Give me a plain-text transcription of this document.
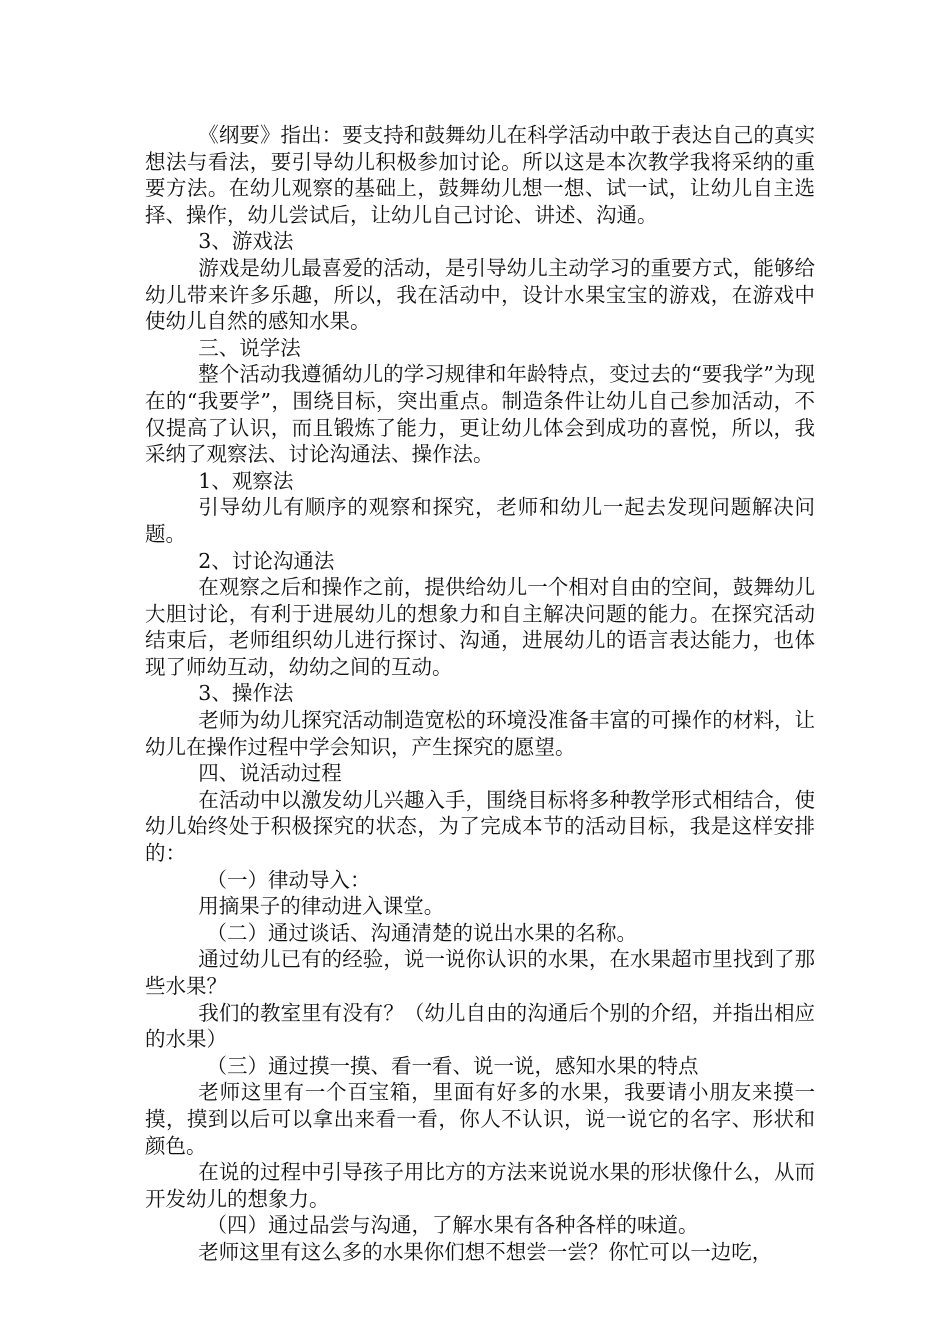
《纲要》指出：要支持和鼓舞幼儿在科学活动中敢于表达自己的真实想法与看法，要引导幼儿积极参加讨论。所以这是本次教学我将采纳的重要方法。在幼儿观察的基础上，鼓舞幼儿想一想、试一试，让幼儿自主选择、操作，幼儿尝试后，让幼儿自己讨论、讲述、沟通。

3、游戏法

游戏是幼儿最喜爱的活动，是引导幼儿主动学习的重要方式，能够给幼儿带来许多乐趣，所以，我在活动中，设计水果宝宝的游戏，在游戏中使幼儿自然的感知水果。

三、说学法

整个活动我遵循幼儿的学习规律和年龄特点，变过去的“要我学”为现在的“我要学”，围绕目标，突出重点。制造条件让幼儿自己参加活动，不仅提高了认识，而且锻炼了能力，更让幼儿体会到成功的喜悦，所以，我采纳了观察法、讨论沟通法、操作法。

1、观察法

引导幼儿有顺序的观察和探究，老师和幼儿一起去发现问题解决问题。

2、讨论沟通法

在观察之后和操作之前，提供给幼儿一个相对自由的空间，鼓舞幼儿大胆讨论，有利于进展幼儿的想象力和自主解决问题的能力。在探究活动结束后，老师组织幼儿进行探讨、沟通，进展幼儿的语言表达能力，也体现了师幼互动，幼幼之间的互动。

3、操作法

老师为幼儿探究活动制造宽松的环境没准备丰富的可操作的材料，让幼儿在操作过程中学会知识，产生探究的愿望。

四、说活动过程

在活动中以激发幼儿兴趣入手，围绕目标将多种教学形式相结合，使幼儿始终处于积极探究的状态，为了完成本节的活动目标，我是这样安排的：

（一）律动导入：

用摘果子的律动进入课堂。

（二）通过谈话、沟通清楚的说出水果的名称。

通过幼儿已有的经验，说一说你认识的水果，在水果超市里找到了那些水果？

我们的教室里有没有？（幼儿自由的沟通后个别的介绍，并指出相应的水果）

（三）通过摸一摸、看一看、说一说，感知水果的特点

老师这里有一个百宝箱，里面有好多的水果，我要请小朋友来摸一摸，摸到以后可以拿出来看一看，你人不认识，说一说它的名字、形状和颜色。

在说的过程中引导孩子用比方的方法来说说水果的形状像什么，从而开发幼儿的想象力。

（四）通过品尝与沟通，了解水果有各种各样的味道。

老师这里有这么多的水果你们想不想尝一尝？你忙可以一边吃，
